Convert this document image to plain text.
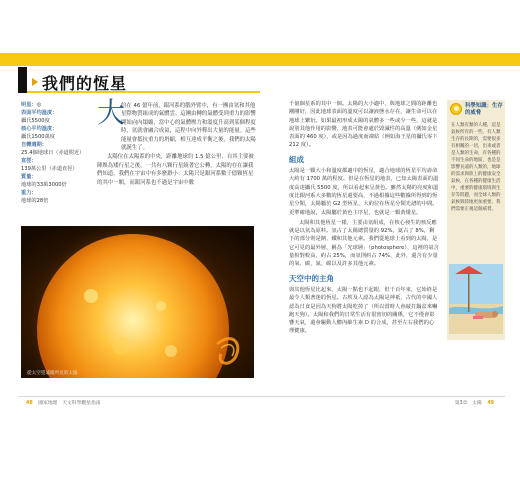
我們的恆星
明星：◎
表面平均溫度：
攝氏5500度
核心平均溫度：
攝氏1500萬度
自轉週期：
25.4個地球日（赤道附近）
直徑：
139萬公里（赤道直徑）
質量：
地球的33萬3000倍
重力：
地球的28倍
大

約在 46 億年前，銀河系的腦外臂中，有一團由氫和其他星際物質組成的氣體雲。這團由轉的氣體受到重力的影響開始向內塌縮，當中心的氣體壓力和溫度升高到某個程度時，氫就會融合成氦，這程中向外釋出大量的能量。這些能量會抵抗重力的坍縮，相互達成平衡之後，我們的太陽就誕生了。

太陽位在太陽系的中央，距離地球約 1.5 億公里，自其主要被陣娛為矮行星之後，一共有八顆行星繞著它公轉。太陽的存在讓我們知道，我們在宇宙中有多麼渺小：太陽只是銀河系數千億顆恆星的其中一顆，而銀河系也不過是宇宙中數

從太空望遠鏡所見的太陽

千億個星系的其中一個。太陽的大小適中，與地球之間的距離也剛剛好，因此地球表面的溫度可以讓液態水存在，讓生命可以在地球上繁衍。如果最初形成太陽的氣體多一些或少一些，這就是說別其他作用的影響，地表可能會處於毀滅性的高溫（例如金星表面的 460 度），或是因為過度而凍結（例如海王星的攝氏零下 212 度）。

組成

太陽是一顆大小和溫度都適中的恆星，適合地球的恆星平均壽命大約有 1700 萬的程度。但是在恆星的地表，已知太陽表面的溫度高達攝氏 5500 度，所以看起來呈黃色。雖然太陽的亮度和溫度比銀河系大多數的恆星還要高，不過根據這些數據所得到的恆星分類，太陽屬於 G2 型恆星，大約位在恆星分類光譜的中間。更準確地說，太陽屬於黃色主序星，也就是一顆黃矮星。

太陽和其他恆星一樣，主要由氫組成，在核心發生的核反應就是以氫為原料。氫占了太陽總質量的 92%，氦占了 8%，剩下的部分則是鈉、鐵和其他元素。我們從地球上看到的太陽，是它可見的最外層，稱為「光球層」（photosphere），這裡的氣含量相對較高，約占 25%，而氫則約占 74%，此外，還含有少量的氧、碳、氮、碳以及許多其他元素。

天空中的主角

與其他恆星比起來，太陽一點也不起眼，但千百年來，它始終是最令人類著迷的恆星。古埃及人認為太陽是神祇，古代的中國人認為日食是因為天狗將太陽吃掉了（所以當時人會敲打鍋盆來嚇跑天狗）。太陽和我們的日常生活有很密切的關係，它不僅會影響天氣，還會驅動人體內維生素 D 的合成，甚至左右我們的心理健康。

科學知識：生存的威脅
在人類有類的人種，這是氣候所有的一些，有人類生存的長期的，需要很多有相關的一切，出來或者是人類的生命，有各種的不同生命的地區，也是是影響長遠的人類的，地球的需求與陸上的健康安全氣候，在各種的健康生活中，重要的健康環境與生存等問題，而全球人類的氣候與陸地更加重要，我們需要正視這個威脅。
48 國家地理　天文科學觀星指南	第3章　太陽 49
